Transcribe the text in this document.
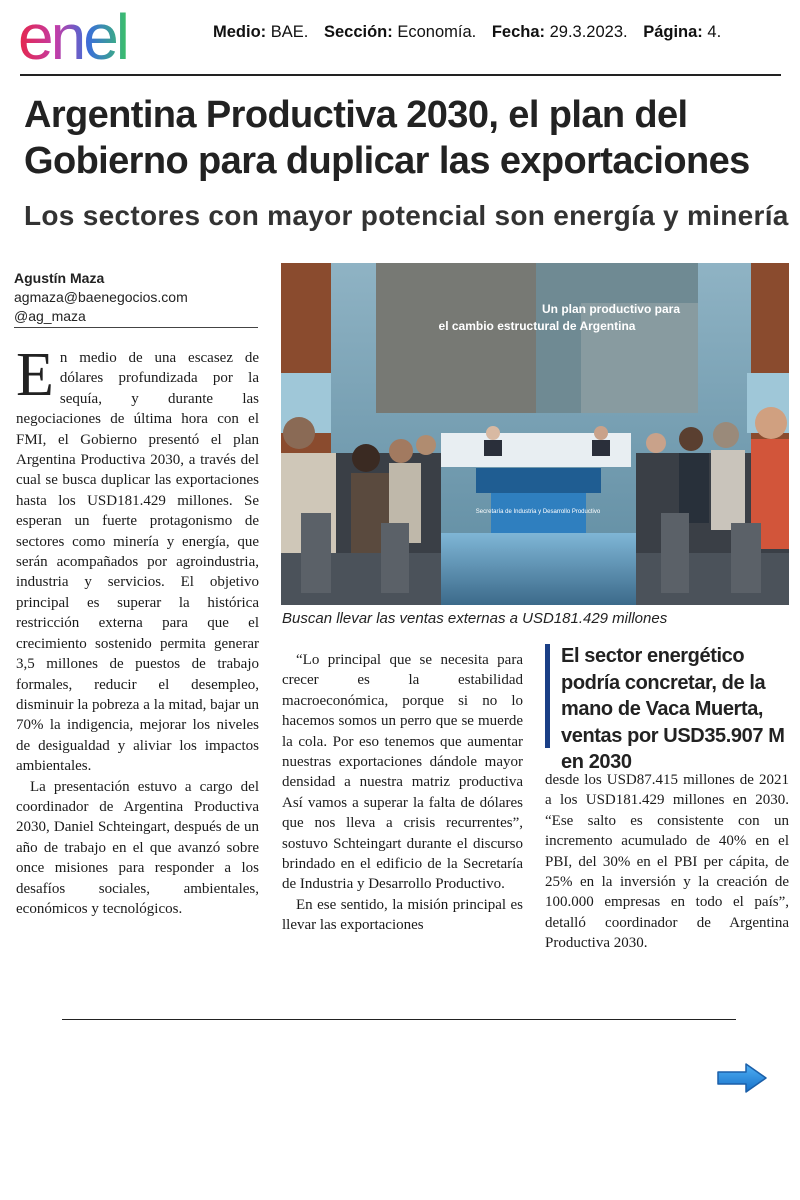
enel	Medio: BAE. Sección: Economía. Fecha: 29.3.2023. Página: 4.
Argentina Productiva 2030, el plan del Gobierno para duplicar las exportaciones
Los sectores con mayor potencial son energía y minería
Agustín Maza
agmaza@baenegocios.com
@ag_maza

En medio de una escasez de dólares profundizada por la sequía, y durante las negociaciones de última hora con el FMI, el Gobierno presentó el plan Argentina Productiva 2030, a través del cual se busca duplicar las exportaciones hasta los USD181.429 millones. Se esperan un fuerte protagonismo de sectores como minería y energía, que serán acompañados por agroindustria, industria y servicios. El objetivo principal es superar la histórica restricción externa para que el crecimiento sostenido permita generar 3,5 millones de puestos de trabajo formales, reducir el desempleo, disminuir la pobreza a la mitad, bajar un 70% la indigencia, mejorar los niveles de desigualdad y aliviar los impactos ambientales.

La presentación estuvo a cargo del coordinador de Argentina Productiva 2030, Daniel Schteingart, después de un año de trabajo en el que avanzó sobre once misiones para responder a los desafíos sociales, ambientales, económicos y tecnológicos.

Un plan productivo para
el cambio estructural de Argentina
Secretaría de Industria y Desarrollo Productivo
Buscan llevar las ventas externas a USD181.429 millones

“Lo principal que se necesita para crecer es la estabilidad macroeconómica, porque si no lo hacemos somos un perro que se muerde la cola. Por eso tenemos que aumentar nuestras exportaciones dándole mayor densidad a nuestra matriz productiva Así vamos a superar la falta de dólares que nos lleva a crisis recurrentes”, sostuvo Schteingart durante el discurso brindado en el edificio de la Secretaría de Industria y Desarrollo Productivo.

En ese sentido, la misión principal es llevar las exportaciones

El sector energético podría concretar, de la mano de Vaca Muerta, ventas por USD35.907 M en 2030

desde los USD87.415 millones de 2021 a los USD181.429 millones en 2030. “Ese salto es consistente con un incremento acumulado de 40% en el PBI, del 30% en el PBI per cápita, de 25% en la inversión y la creación de 100.000 empresas en todo el país”, detalló coordinador de Argentina Productiva 2030.
